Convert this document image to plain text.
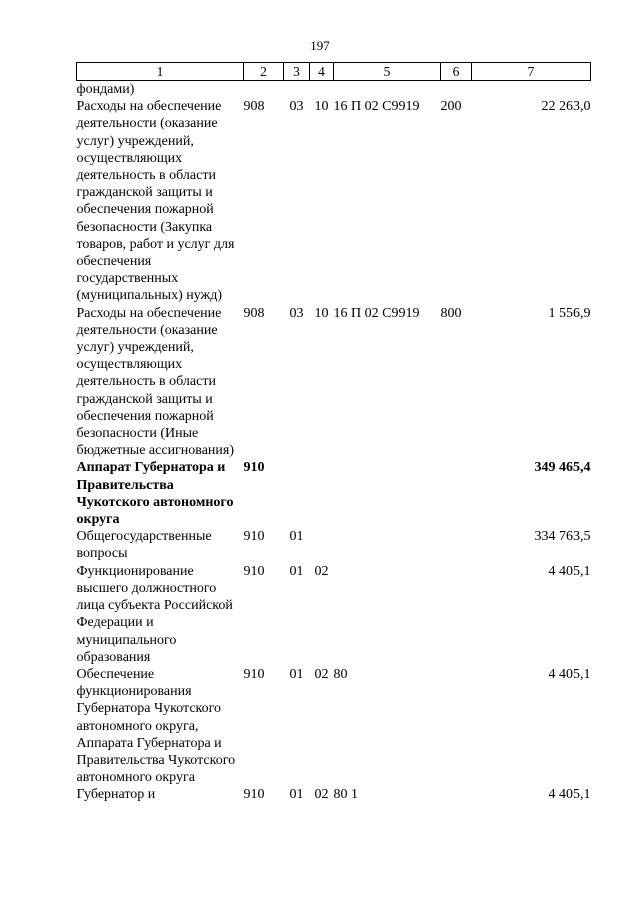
197
1	2	3	4	5	6	7
фондами)						
Расходы на обеспечение деятельности (оказание услуг) учреждений, осуществляющих деятельность в области гражданской защиты и обеспечения пожарной безопасности (Закупка товаров, работ и услуг для обеспечения государственных (муниципальных) нужд)	908	03	10	16 П 02 С9919	200	22 263,0
Расходы на обеспечение деятельности (оказание услуг) учреждений, осуществляющих деятельность в области гражданской защиты и обеспечения пожарной безопасности (Иные бюджетные ассигнования)	908	03	10	16 П 02 С9919	800	1 556,9
Аппарат Губернатора и Правительства Чукотского автономного округа	910					349 465,4
Общегосударственные вопросы	910	01				334 763,5
Функционирование высшего должностного лица субъекта Российской Федерации и муниципального образования	910	01	02			4 405,1
Обеспечение функционирования Губернатора Чукотского автономного округа, Аппарата Губернатора и Правительства Чукотского автономного округа	910	01	02	80		4 405,1
Губернатор и	910	01	02	80 1		4 405,1
